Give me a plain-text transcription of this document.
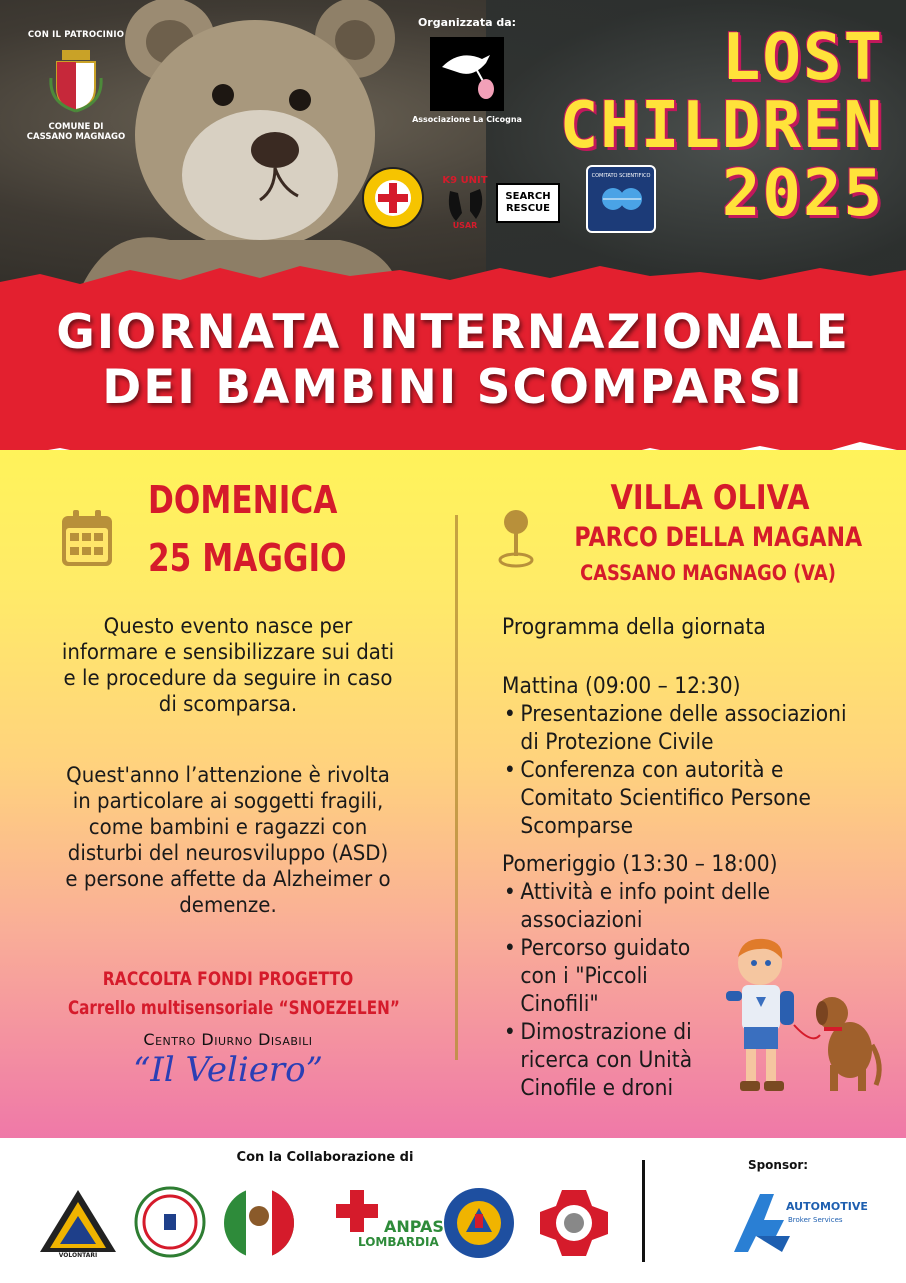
CON IL PATROCINIO
COMUNE DI
CASSANO MAGNAGO
Organizzata da:
Associazione La Cicogna
K9 UNIT
USAR
SEARCH
RESCUE
COMITATO SCIENTIFICO
LOST
CHILDREN
2025
GIORNATA INTERNAZIONALE
DEI BAMBINI SCOMPARSI
DOMENICA
25 MAGGIO
VILLA OLIVA
PARCO DELLA MAGANA
CASSANO MAGNAGO (VA)

Questo evento nasce per

informare e sensibilizzare sui dati

e le procedure da seguire in caso

di scomparsa.

Quest'anno l’attenzione è rivolta

in particolare ai soggetti fragili,

come bambini e ragazzi con

disturbi del neurosviluppo (ASD)

e persone affette da Alzheimer o

demenze.

RACCOLTA FONDI PROGETTO
Carrello multisensoriale “SNOEZELEN”
Centro Diurno Disabili
“Il Veliero”
Programma della giornata
Mattina (09:00 – 12:30)
• Presentazione delle associazioni
di Protezione Civile
• Conferenza con autorità e
Comitato Scientifico Persone
Scomparse
Pomeriggio (13:30 – 18:00)
• Attività e info point delle
associazioni
• Percorso guidato
con i "Piccoli
Cinofili"
• Dimostrazione di
ricerca con Unità
Cinofile e droni
Con la Collaborazione di	Sponsor:
VOLONTARI
ANPAS
LOMBARDIA
AUTOMOTIVE
Broker Services
